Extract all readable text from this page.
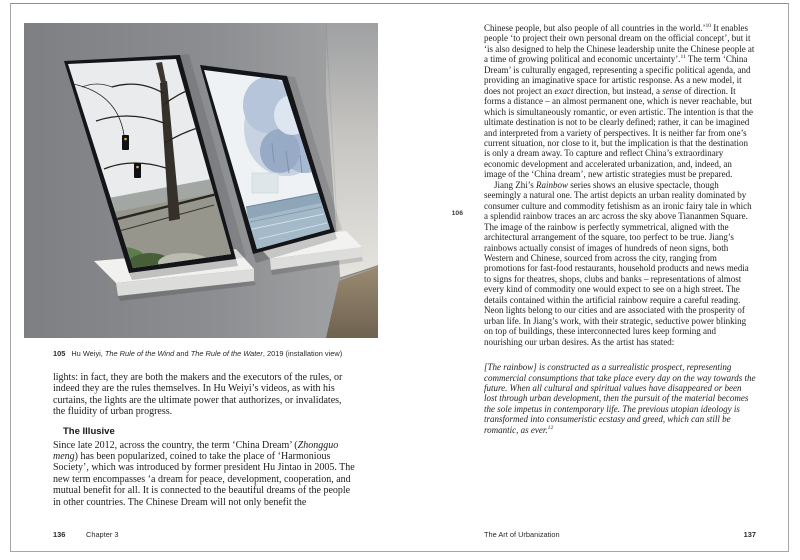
105 Hu Weiyi, The Rule of the Wind and The Rule of the Water, 2019 (installation view)

lights: in fact, they are both the makers and the executors of the rules, or indeed they are the rules themselves. In Hu Weiyi’s videos, as with his curtains, the lights are the ultimate power that authorizes, or invalidates, the fluidity of urban progress.

The Illusive

Since late 2012, across the country, the term ‘China Dream’ (Zhongguo meng) has been popularized, coined to take the place of ‘Harmonious Society’, which was introduced by former president Hu Jintao in 2005. The new term encompasses ‘a dream for peace, development, cooperation, and mutual benefit for all. It is connected to the beautiful dreams of the people in other countries. The Chinese Dream will not only benefit the

136	Chapter 3
106

Chinese people, but also people of all countries in the world.’$^{10}$ It enables people ‘to project their own personal dream on the official concept’, but it ‘is also designed to help the Chinese leadership unite the Chinese people at a time of growing political and economic uncertainty’.$^{11}$ The term ‘China Dream’ is culturally engaged, representing a specific political agenda, and providing an imaginative space for artistic response. As a new model, it does not project an exact direction, but instead, a sense of direction. It forms a distance – an almost permanent one, which is never reachable, but which is simultaneously romantic, or even artistic. The intention is that the ultimate destination is not to be clearly defined; rather, it can be imagined and interpreted from a variety of perspectives. It is neither far from one’s current situation, nor close to it, but the implication is that the destination is only a dream away. To capture and reflect China’s extraordinary economic development and accelerated urbanization, and, indeed, an image of the ‘China dream’, new artistic strategies must be prepared.

Jiang Zhi’s Rainbow series shows an elusive spectacle, though seemingly a natural one. The artist depicts an urban reality dominated by consumer culture and commodity fetishism as an ironic fairy tale in which a splendid rainbow traces an arc across the sky above Tiananmen Square. The image of the rainbow is perfectly symmetrical, aligned with the architectural arrangement of the square, too perfect to be true. Jiang’s rainbows actually consist of images of hundreds of neon signs, both Western and Chinese, sourced from across the city, ranging from promotions for fast-food restaurants, household products and news media to signs for theatres, shops, clubs and banks – representations of almost every kind of commodity one would expect to see on a high street. The details contained within the artificial rainbow require a careful reading. Neon lights belong to our cities and are associated with the prosperity of urban life. In Jiang’s work, with their strategic, seductive power blinking on top of buildings, these interconnected lures keep forming and nourishing our urban desires. As the artist has stated:

[The rainbow] is constructed as a surrealistic prospect, representing commercial consumptions that take place every day on the way towards the future. When all cultural and spiritual values have disappeared or been lost through urban development, then the pursuit of the material becomes the sole impetus in contemporary life. The previous utopian ideology is transformed into consumeristic ecstasy and greed, which can still be romantic, as ever.$^{12}$

The Art of Urbanization	137
